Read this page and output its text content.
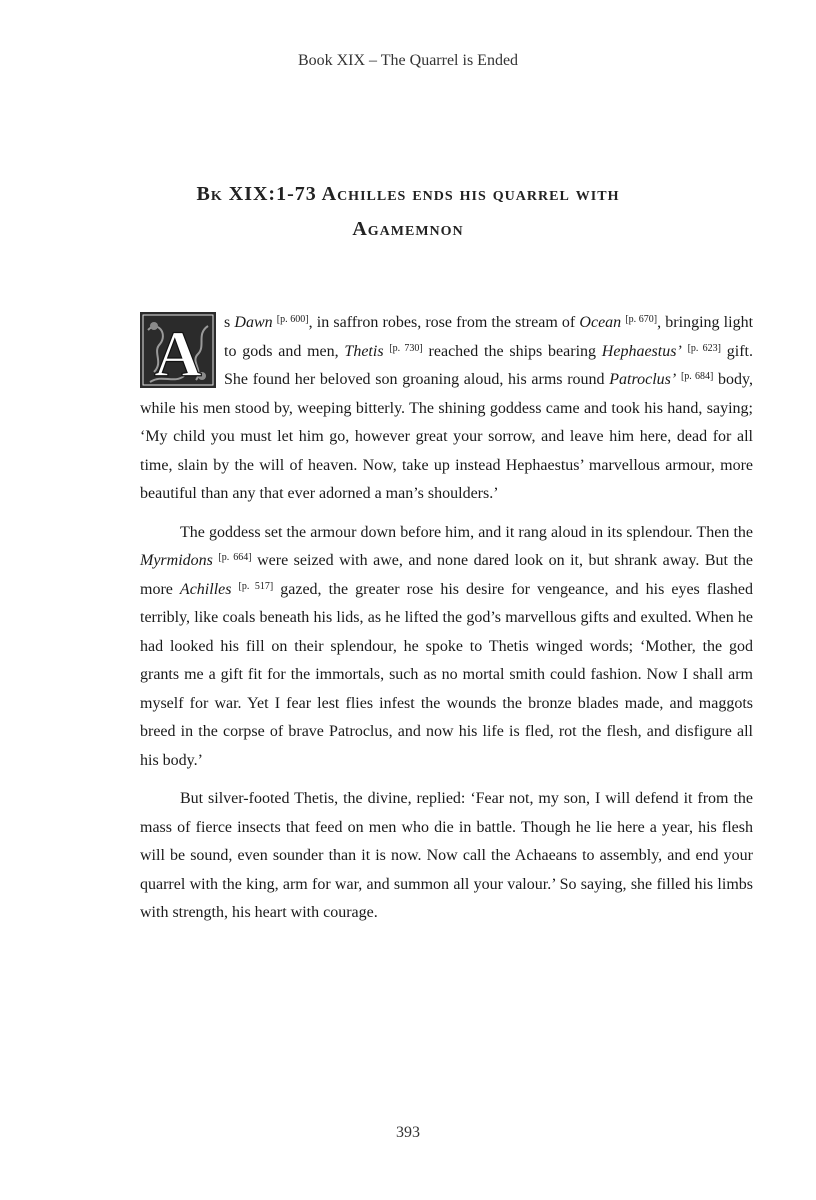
Book XIX – The Quarrel is Ended
Bk XIX:1-73 Achilles ends his quarrel with Agamemnon

A s Dawn [p. 600], in saffron robes, rose from the stream of Ocean [p. 670], bringing light to gods and men, Thetis [p. 730] reached the ships bearing Hephaestus’ [p. 623] gift. She found her beloved son groaning aloud, his arms round Patroclus’ [p. 684] body, while his men stood by, weeping bitterly. The shining goddess came and took his hand, saying; ‘My child you must let him go, however great your sorrow, and leave him here, dead for all time, slain by the will of heaven. Now, take up instead Hephaestus’ marvellous armour, more beautiful than any that ever adorned a man’s shoulders.’

The goddess set the armour down before him, and it rang aloud in its splendour. Then the Myrmidons [p. 664] were seized with awe, and none dared look on it, but shrank away. But the more Achilles [p. 517] gazed, the greater rose his desire for vengeance, and his eyes flashed terribly, like coals beneath his lids, as he lifted the god’s marvellous gifts and exulted. When he had looked his fill on their splendour, he spoke to Thetis winged words; ‘Mother, the god grants me a gift fit for the immortals, such as no mortal smith could fashion. Now I shall arm myself for war. Yet I fear lest flies infest the wounds the bronze blades made, and maggots breed in the corpse of brave Patroclus, and now his life is fled, rot the flesh, and disfigure all his body.’

But silver-footed Thetis, the divine, replied: ‘Fear not, my son, I will defend it from the mass of fierce insects that feed on men who die in battle. Though he lie here a year, his flesh will be sound, even sounder than it is now. Now call the Achaeans to assembly, and end your quarrel with the king, arm for war, and summon all your valour.’ So saying, she filled his limbs with strength, his heart with courage.

393
